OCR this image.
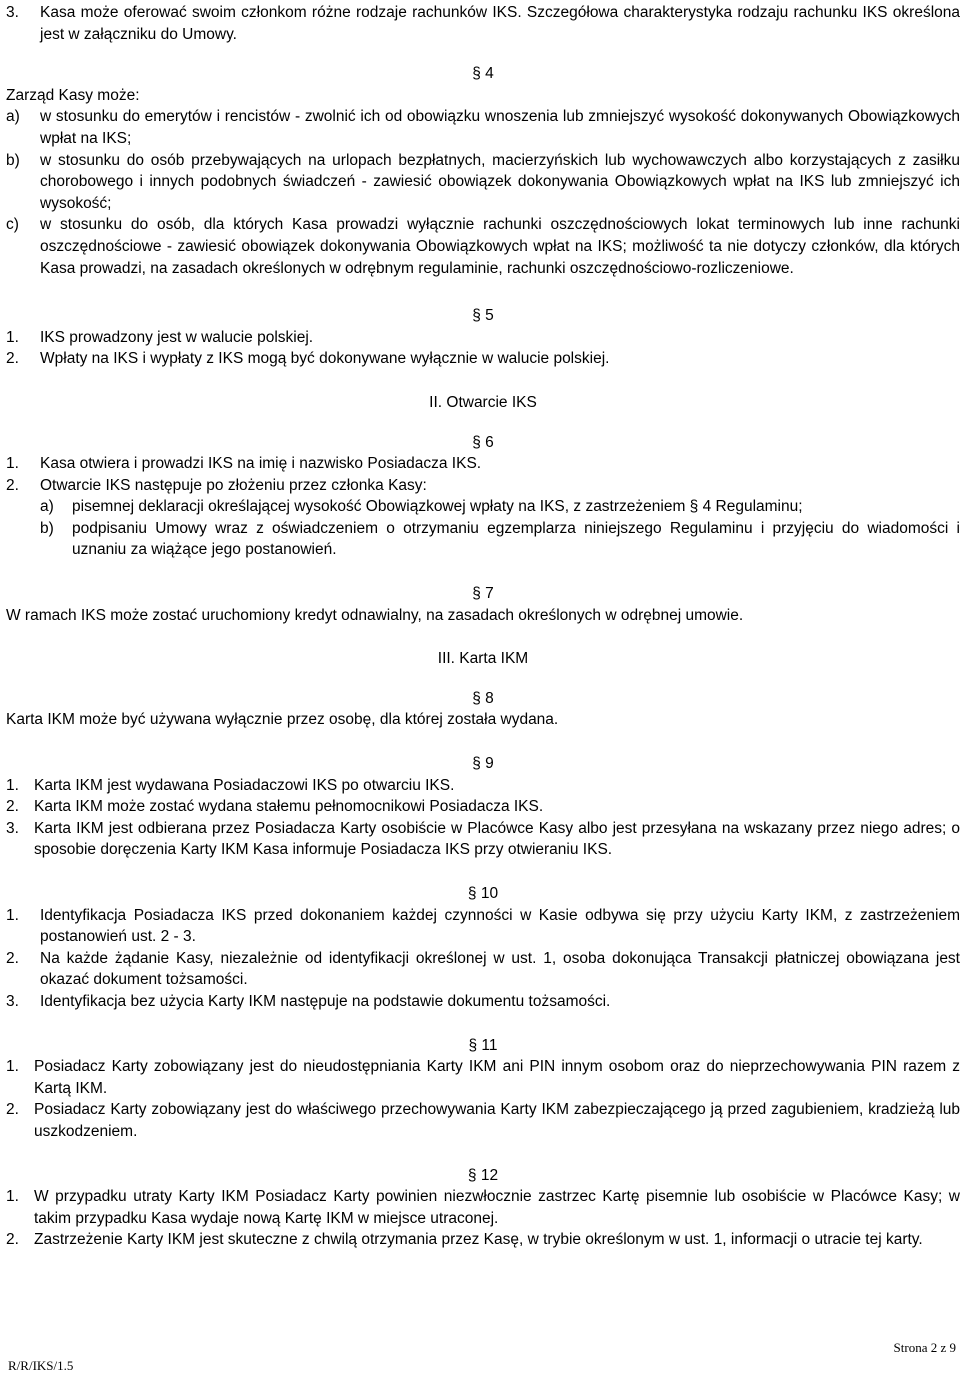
3.	Kasa może oferować swoim członkom różne rodzaje rachunków IKS. Szczegółowa charakterystyka rodzaju rachunku IKS określona jest w załączniku do Umowy.
§ 4
Zarząd Kasy może:
a)	w stosunku do emerytów i rencistów - zwolnić ich od obowiązku wnoszenia lub zmniejszyć wysokość dokonywanych Obowiązkowych wpłat na IKS;
b)	w stosunku do osób przebywających na urlopach bezpłatnych, macierzyńskich lub wychowawczych albo korzystających z zasiłku chorobowego i innych podobnych świadczeń - zawiesić obowiązek dokonywania Obowiązkowych wpłat na IKS lub zmniejszyć ich wysokość;
c)	w stosunku do osób, dla których Kasa prowadzi wyłącznie rachunki oszczędnościowych lokat terminowych lub inne rachunki oszczędnościowe - zawiesić obowiązek dokonywania Obowiązkowych wpłat na IKS; możliwość ta nie dotyczy członków, dla których Kasa prowadzi, na zasadach określonych w odrębnym regulaminie, rachunki oszczędnościowo-rozliczeniowe.
§ 5
1.	IKS prowadzony jest w walucie polskiej.
2.	Wpłaty na IKS i wypłaty z IKS mogą być dokonywane wyłącznie w walucie polskiej.
II. Otwarcie IKS
§ 6
1.	Kasa otwiera i prowadzi IKS na imię i nazwisko Posiadacza IKS.
2.	Otwarcie IKS następuje po złożeniu przez członka Kasy:
a)	pisemnej deklaracji określającej wysokość Obowiązkowej wpłaty na IKS, z zastrzeżeniem § 4 Regulaminu;
b)	podpisaniu Umowy wraz z oświadczeniem o otrzymaniu egzemplarza niniejszego Regulaminu i przyjęciu do wiadomości i uznaniu za wiążące jego postanowień.
§ 7
W ramach IKS może zostać uruchomiony kredyt odnawialny, na zasadach określonych w odrębnej umowie.
III. Karta IKM
§ 8
Karta IKM może być używana wyłącznie przez osobę, dla której została wydana.
§ 9
1. Karta IKM jest wydawana Posiadaczowi IKS po otwarciu IKS.
2. Karta IKM może zostać wydana stałemu pełnomocnikowi Posiadacza IKS.
3. Karta IKM jest odbierana przez Posiadacza Karty osobiście w Placówce Kasy albo jest przesyłana na wskazany przez niego adres; o sposobie doręczenia Karty IKM Kasa informuje Posiadacza IKS przy otwieraniu IKS.
§ 10
1.	Identyfikacja Posiadacza IKS przed dokonaniem każdej czynności w Kasie odbywa się przy użyciu Karty IKM, z zastrzeżeniem postanowień ust. 2 - 3.
2.	Na każde żądanie Kasy, niezależnie od identyfikacji określonej w ust. 1, osoba dokonująca Transakcji płatniczej obowiązana jest okazać dokument tożsamości.
3.	Identyfikacja bez użycia Karty IKM następuje na podstawie dokumentu tożsamości.
§ 11
1. Posiadacz Karty zobowiązany jest do nieudostępniania Karty IKM ani PIN innym osobom oraz do nieprzechowywania PIN razem z Kartą IKM.
2. Posiadacz Karty zobowiązany jest do właściwego przechowywania Karty IKM zabezpieczającego ją przed zagubieniem, kradzieżą lub uszkodzeniem.
§ 12
1. W przypadku utraty Karty IKM Posiadacz Karty powinien niezwłocznie zastrzec Kartę pisemnie lub osobiście w Placówce Kasy; w takim przypadku Kasa wydaje nową Kartę IKM w miejsce utraconej.
2. Zastrzeżenie Karty IKM jest skuteczne z chwilą otrzymania przez Kasę, w trybie określonym w ust. 1, informacji o utracie tej karty.
R/R/IKS/1.5
Strona 2 z 9
